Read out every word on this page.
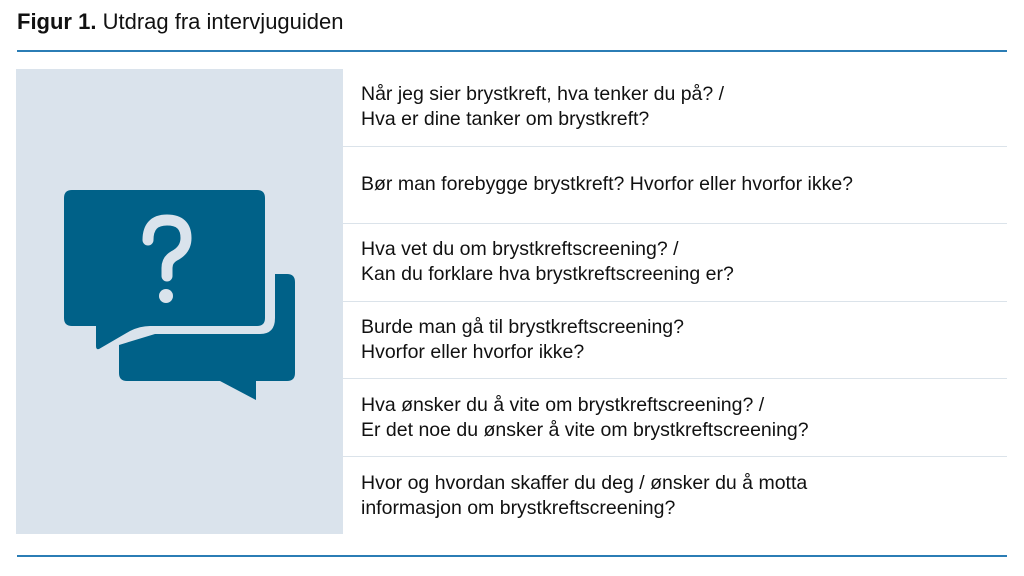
Figur 1. Utdrag fra intervjuguiden
Når jeg sier brystkreft, hva tenker du på? /
Hva er dine tanker om brystkreft?
Bør man forebygge brystkreft? Hvorfor eller hvorfor ikke?
Hva vet du om brystkreftscreening? /
Kan du forklare hva brystkreftscreening er?
Burde man gå til brystkreftscreening?
Hvorfor eller hvorfor ikke?
Hva ønsker du å vite om brystkreftscreening? /
Er det noe du ønsker å vite om brystkreftscreening?
Hvor og hvordan skaffer du deg / ønsker du å motta
informasjon om brystkreftscreening?
